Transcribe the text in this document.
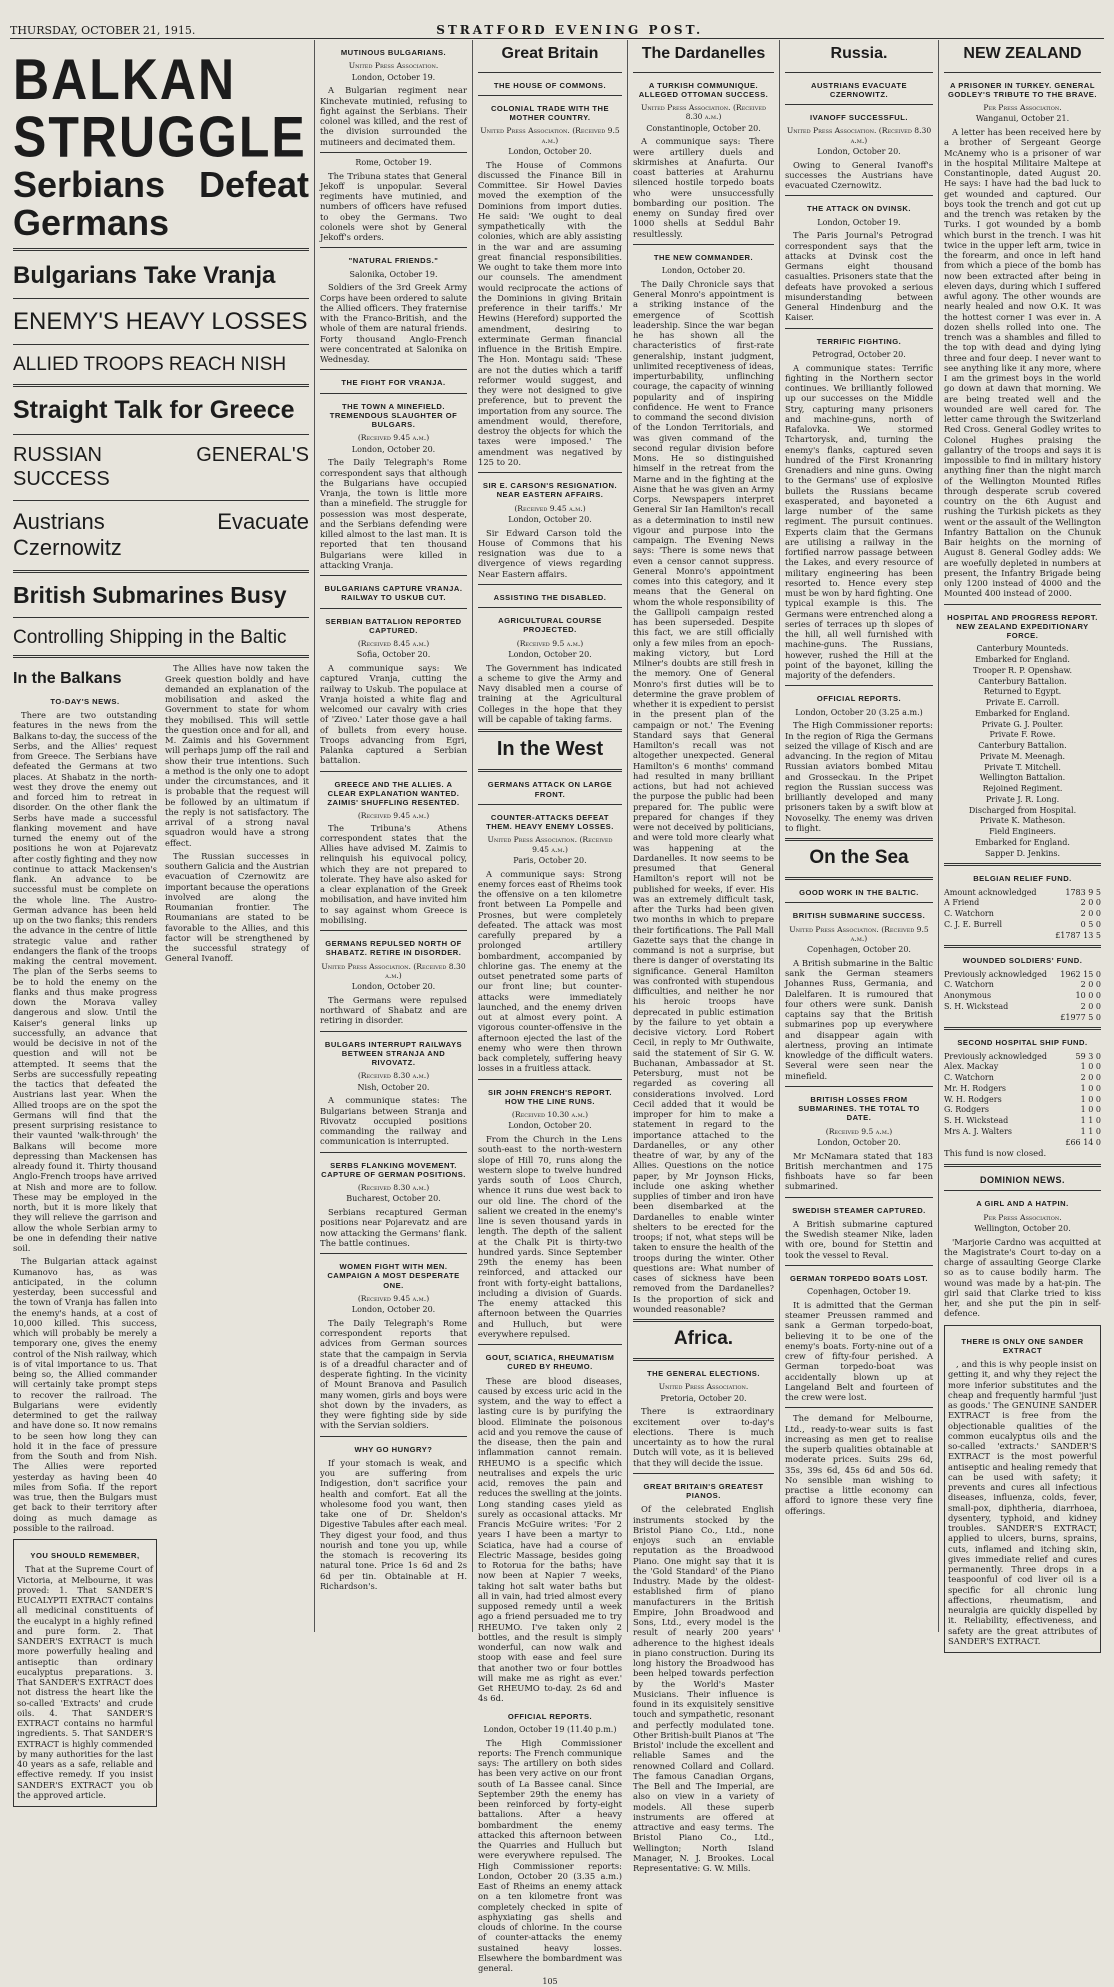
THURSDAY, OCTOBER 21, 1915.	STRATFORD EVENING POST.
BALKAN STRUGGLE
Serbians Defeat Germans
Bulgarians Take Vranja
ENEMY'S HEAVY LOSSES
ALLIED TROOPS REACH NISH
Straight Talk for Greece
RUSSIAN GENERAL'S SUCCESS
Austrians Evacuate Czernowitz
British Submarines Busy
Controlling Shipping in the Baltic
In the Balkans
TO-DAY'S NEWS.

There are two outstanding features in the news from the Balkans to-day, the success of the Serbs, and the Allies' request from Greece. The Serbians have defeated the Germans at two places. At Shabatz in the north-west they drove the enemy out and forced him to retreat in disorder. On the other flank the Serbs have made a successful flanking movement and have turned the enemy out of the positions he won at Pojarevatz after costly fighting and they now continue to attack Mackensen's flank. An advance to be successful must be complete on the whole line. The Austro-German advance has been held up on the two flanks; this renders the advance in the centre of little strategic value and rather endangers the flank of the troops making the central movement. The plan of the Serbs seems to be to hold the enemy on the flanks and thus make progress down the Morava valley dangerous and slow. Until the Kaiser's general links up successfully, an advance that would be decisive in not of the question and will not be attempted. It seems that the Serbs are successfully repeating the tactics that defeated the Austrians last year. When the Allied troops are on the spot the Germans will find that the present surprising resistance to their vaunted 'walk-through' the Balkans will become more depressing than Mackensen has already found it. Thirty thousand Anglo-French troops have arrived at Nish and more are to follow. These may be employed in the north, but it is more likely that they will relieve the garrison and allow the whole Serbian army to be one in defending their native soil.

The Bulgarian attack against Kumanovo has, as was anticipated, in the column yesterday, been successful and the town of Vranja has fallen into the enemy's hands, at a cost of 10,000 killed. This success, which will probably be merely a temporary one, gives the enemy control of the Nish railway, which is of vital importance to us. That being so, the Allied commander will certainly take prompt steps to recover the railroad. The Bulgarians were evidently determined to get the railway and have done so. It now remains to be seen how long they can hold it in the face of pressure from the South and from Nish. The Allies were reported yesterday as having been 40 miles from Sofia. If the report was true, then the Bulgars must get back to their territory after doing as much damage as possible to the railroad.

YOU SHOULD REMEMBER,

That at the Supreme Court of Victoria, at Melbourne, it was proved: 1. That SANDER'S EUCALYPTI EXTRACT contains all medicinal constituents of the eucalypt in a highly refined and pure form. 2. That SANDER'S EXTRACT is much more powerfully healing and antiseptic than ordinary eucalyptus preparations. 3. That SANDER'S EXTRACT does not distress the heart like the so-called 'Extracts' and crude oils. 4. That SANDER'S EXTRACT contains no harmful ingredients. 5. That SANDER'S EXTRACT is highly commended by many authorities for the last 40 years as a safe, reliable and effective remedy. If you insist SANDER'S EXTRACT you ob the approved article.

The Allies have now taken the Greek question boldly and have demanded an explanation of the mobilisation and asked the Government to state for whom they mobilised. This will settle the question once and for all, and M. Zaimis and his Government will perhaps jump off the rail and show their true intentions. Such a method is the only one to adopt under the circumstances, and it is probable that the request will be followed by an ultimatum if the reply is not satisfactory. The arrival of a strong naval squadron would have a strong effect.

The Russian successes in southern Galicia and the Austrian evacuation of Czernowitz are important because the operations involved are along the Roumanian frontier. The Roumanians are stated to be favorable to the Allies, and this factor will be strengthened by the successful strategy of General Ivanoff.

MUTINOUS BULGARIANS.
United Press Association.
London, October 19.

A Bulgarian regiment near Kinchevate mutinied, refusing to fight against the Serbians. Their colonel was killed, and the rest of the division surrounded the mutineers and decimated them.

Rome, October 19.

The Tribuna states that General Jekoff is unpopular. Several regiments have mutinied, and numbers of officers have refused to obey the Germans. Two colonels were shot by General Jekoff's orders.

"NATURAL FRIENDS."
Salonika, October 19.

Soldiers of the 3rd Greek Army Corps have been ordered to salute the Allied officers. They fraternise with the Franco-British, and the whole of them are natural friends. Forty thousand Anglo-French were concentrated at Salonika on Wednesday.

THE FIGHT FOR VRANJA.
THE TOWN A MINEFIELD. TREMENDOUS SLAUGHTER OF BULGARS.
(Received 9.45 a.m.)
London, October 20.

The Daily Telegraph's Rome correspondent says that although the Bulgarians have occupied Vranja, the town is little more than a minefield. The struggle for possession was most desperate, and the Serbians defending were killed almost to the last man. It is reported that ten thousand Bulgarians were killed in attacking Vranja.

BULGARIANS CAPTURE VRANJA. RAILWAY TO USKUB CUT.
SERBIAN BATTALION REPORTED CAPTURED.
(Received 8.45 a.m.)
Sofia, October 20.

A communique says: We captured Vranja, cutting the railway to Uskub. The populace at Vranja hoisted a white flag and welcomed our cavalry with cries of 'Ziveo.' Later those gave a hail of bullets from every house. Troops advancing from Egri, Palanka captured a Serbian battalion.

GREECE AND THE ALLIES. A CLEAR EXPLANATION WANTED. ZAIMIS' SHUFFLING RESENTED.
(Received 9.45 a.m.)

The Tribuna's Athens correspondent states that the Allies have advised M. Zaimis to relinquish his equivocal policy, which they are not prepared to tolerate. They have also asked for a clear explanation of the Greek mobilisation, and have invited him to say against whom Greece is mobilising.

GERMANS REPULSED NORTH OF SHABATZ. RETIRE IN DISORDER.
United Press Association. (Received 8.30 a.m.)
London, October 20.

The Germans were repulsed northward of Shabatz and are retiring in disorder.

BULGARS INTERRUPT RAILWAYS BETWEEN STRANJA AND RIVOVATZ.
(Received 8.30 a.m.)
Nish, October 20.

A communique states: The Bulgarians between Stranja and Rivovatz occupied positions commanding the railway and communication is interrupted.

SERBS FLANKING MOVEMENT. CAPTURE OF GERMAN POSITIONS.
(Received 8.30 a.m.)
Bucharest, October 20.

Serbians recaptured German positions near Pojarevatz and are now attacking the Germans' flank. The battle continues.

WOMEN FIGHT WITH MEN. CAMPAIGN A MOST DESPERATE ONE.
(Received 9.45 a.m.)
London, October 20.

The Daily Telegraph's Rome correspondent reports that advices from German sources state that the campaign in Servia is of a dreadful character and of desperate fighting. In the vicinity of Mount Branova and Pasulich many women, girls and boys were shot down by the invaders, as they were fighting side by side with the Servian soldiers.

WHY GO HUNGRY?

If your stomach is weak, and you are suffering from Indigestion, don't sacrifice your health and comfort. Eat all the wholesome food you want, then take one of Dr. Sheldon's Digestive Tabules after each meal. They digest your food, and thus nourish and tone you up, while the stomach is recovering its natural tone. Price 1s 6d and 2s 6d per tin. Obtainable at H. Richardson's.

Great Britain
THE HOUSE OF COMMONS.
COLONIAL TRADE WITH THE MOTHER COUNTRY.
United Press Association. (Received 9.5 a.m.)
London, October 20.

The House of Commons discussed the Finance Bill in Committee. Sir Howel Davies moved the exemption of the Dominions from import duties. He said: 'We ought to deal sympathetically with the colonies, which are ably assisting in the war and are assuming great financial responsibilities. We ought to take them more into our counsels. The amendment would reciprocate the actions of the Dominions in giving Britain preference in their tariffs.' Mr Hewins (Hereford) supported the amendment, desiring to exterminate German financial influence in the British Empire. The Hon. Montagu said: 'These are not the duties which a tariff reformer would suggest, and they were not designed to give preference, but to prevent the importation from any source. The amendment would, therefore, destroy the objects for which the taxes were imposed.' The amendment was negatived by 125 to 20.

SIR E. CARSON'S RESIGNATION. NEAR EASTERN AFFAIRS.
(Received 9.45 a.m.)
London, October 20.

Sir Edward Carson told the House of Commons that his resignation was due to a divergence of views regarding Near Eastern affairs.

ASSISTING THE DISABLED.
AGRICULTURAL COURSE PROJECTED.
(Received 9.5 a.m.)
London, October 20.

The Government has indicated a scheme to give the Army and Navy disabled men a course of training at the Agricultural Colleges in the hope that they will be capable of taking farms.

In the West
GERMANS ATTACK ON LARGE FRONT.
COUNTER-ATTACKS DEFEAT THEM. HEAVY ENEMY LOSSES.
United Press Association. (Received 9.45 a.m.)
Paris, October 20.

A communique says: Strong enemy forces east of Rheims took the offensive on a ten kilometre front between La Pompelle and Prosnes, but were completely defeated. The attack was most carefully prepared by a prolonged artillery bombardment, accompanied by chlorine gas. The enemy at the outset penetrated some parts of our front line; but counter-attacks were immediately launched, and the enemy driven out at almost every point. A vigorous counter-offensive in the afternoon ejected the last of the enemy who were then thrown back completely, suffering heavy losses in a fruitless attack.

SIR JOHN FRENCH'S REPORT. HOW THE LINE RUNS.
(Received 10.30 a.m.)
London, October 20.

From the Church in the Lens south-east to the north-western slope of Hill 70, runs along the western slope to twelve hundred yards south of Loos Church, whence it runs due west back to our old line. The chord of the salient we created in the enemy's line is seven thousand yards in length. The depth of the salient at the Chalk Pit is thirty-two hundred yards. Since September 29th the enemy has been reinforced, and attacked our front with forty-eight battalions, including a division of Guards. The enemy attacked this afternoon between the Quarries and Hulluch, but were everywhere repulsed.

GOUT, SCIATICA, RHEUMATISM CURED BY RHEUMO.

These are blood diseases, caused by excess uric acid in the system, and the way to effect a lasting cure is by purifying the blood. Eliminate the poisonous acid and you remove the cause of the disease, then the pain and inflammation cannot remain. RHEUMO is a specific which neutralises and expels the uric acid, removes the pain and reduces the swelling at the joints. Long standing cases yield as surely as occasional attacks. Mr Francis McGuire writes: 'For 2 years I have been a martyr to Sciatica, have had a course of Electric Massage, besides going to Rotorua for the baths; have now been at Napier 7 weeks, taking hot salt water baths but all in vain, had tried almost every supposed remedy until a week ago a friend persuaded me to try RHEUMO. I've taken only 2 bottles, and the result is simply wonderful, can now walk and stoop with ease and feel sure that another two or four bottles will make me as right as ever.' Get RHEUMO to-day. 2s 6d and 4s 6d.

OFFICIAL REPORTS.
London, October 19 (11.40 p.m.)

The High Commissioner reports: The French communique says: The artillery on both sides has been very active on our front south of La Bassee canal. Since September 29th the enemy has been reinforced by forty-eight battalions. After a heavy bombardment the enemy attacked this afternoon between the Quarries and Hulluch but were everywhere repulsed. The High Commissioner reports: London, October 20 (3.35 a.m.) East of Rheims an enemy attack on a ten kilometre front was completely checked in spite of asphyxiating gas shells and clouds of chlorine. In the course of counter-attacks the enemy sustained heavy losses. Elsewhere the bombardment was general.

105
The Dardanelles
A TURKISH COMMUNIQUE. ALLEGED OTTOMAN SUCCESS.
United Press Association. (Received 8.30 a.m.)
Constantinople, October 20.

A communique says: There were artillery duels and skirmishes at Anafurta. Our coast batteries at Arahurnu silenced hostile torpedo boats who were unsuccessfully bombarding our position. The enemy on Sunday fired over 1000 shells at Seddul Bahr resultlessly.

THE NEW COMMANDER.
London, October 20.

The Daily Chronicle says that General Monro's appointment is a striking instance of the emergence of Scottish leadership. Since the war began he has shown all the characteristics of first-rate generalship, instant judgment, unlimited receptiveness of ideas, imperturbability, unflinching courage, the capacity of winning popularity and of inspiring confidence. He went to France to command the second division of the London Territorials, and was given command of the second regular division before Mons. He so distinguished himself in the retreat from the Marne and in the fighting at the Aisne that he was given an Army Corps. Newspapers interpret General Sir Ian Hamilton's recall as a determination to instil new vigour and purpose into the campaign. The Evening News says: 'There is some news that even a censor cannot suppress. General Monro's appointment comes into this category, and it means that the General on whom the whole responsibility of the Gallipoli campaign rested has been superseded. Despite this fact, we are still officially only a few miles from an epoch-making victory, but Lord Milner's doubts are still fresh in the memory. One of General Monro's first duties will be to determine the grave problem of whether it is expedient to persist in the present plan of the campaign or not.' The Evening Standard says that General Hamilton's recall was not altogether unexpected. General Hamilton's 6 months' command had resulted in many brilliant actions, but had not achieved the purpose the public had been prepared for. The public were prepared for changes if they were not deceived by politicians, and were told more clearly what was happening at the Dardanelles. It now seems to be presumed that General Hamilton's report will not be published for weeks, if ever. His was an extremely difficult task, after the Turks had been given two months in which to prepare their fortifications. The Pall Mall Gazette says that the change in command is not a surprise, but there is danger of overstating its significance. General Hamilton was confronted with stupendous difficulties, and neither he nor his heroic troops have deprecated in public estimation by the failure to yet obtain a decisive victory. Lord Robert Cecil, in reply to Mr Outhwaite, said the statement of Sir G. W. Buchanan, Ambassador at St. Petersburg, must not be regarded as covering all considerations involved. Lord Cecil added that it would be improper for him to make a statement in regard to the importance attached to the Dardanelles, or any other theatre of war, by any of the Allies. Questions on the notice paper, by Mr Joynson Hicks, include one asking whether supplies of timber and iron have been disembarked at the Dardanelles to enable winter shelters to be erected for the troops; if not, what steps will be taken to ensure the health of the troops during the winter. Other questions are: What number of cases of sickness have been removed from the Dardanelles? Is the proportion of sick and wounded reasonable?

Africa.
THE GENERAL ELECTIONS.
United Press Association.
Pretoria, October 20.

There is extraordinary excitement over to-day's elections. There is much uncertainty as to how the rural Dutch will vote, as it is believed that they will decide the issue.

GREAT BRITAIN'S GREATEST PIANOS.

Of the celebrated English instruments stocked by the Bristol Piano Co., Ltd., none enjoys such an enviable reputation as the Broadwood Piano. One might say that it is the 'Gold Standard' of the Piano Industry. Made by the oldest-established firm of piano manufacturers in the British Empire, John Broadwood and Sons, Ltd., every model is the result of nearly 200 years' adherence to the highest ideals in piano construction. During its long history the Broadwood has been helped towards perfection by the World's Master Musicians. Their influence is found in its exquisitely sensitive touch and sympathetic, resonant and perfectly modulated tone. Other British-built Pianos at 'The Bristol' include the excellent and reliable Sames and the renowned Collard and Collard. The famous Canadian Organs, The Bell and The Imperial, are also on view in a variety of models. All these superb instruments are offered at attractive and easy terms. The Bristol Piano Co., Ltd., Wellington; North Island Manager, N. J. Brookes. Local Representative: G. W. Mills.

Russia.
AUSTRIANS EVACUATE CZERNOWITZ.
IVANOFF SUCCESSFUL.
United Press Association. (Received 8.30 a.m.)
London, October 20.

Owing to General Ivanoff's successes the Austrians have evacuated Czernowitz.

THE ATTACK ON DVINSK.
London, October 19.

The Paris Journal's Petrograd correspondent says that the attacks at Dvinsk cost the Germans eight thousand casualties. Prisoners state that the defeats have provoked a serious misunderstanding between General Hindenburg and the Kaiser.

TERRIFIC FIGHTING.
Petrograd, October 20.

A communique states: Terrific fighting in the Northern sector continues. We brilliantly followed up our successes on the Middle Stry, capturing many prisoners and machine-guns, north of Rafalovka. We stormed Tchartorysk, and, turning the enemy's flanks, captured seven hundred of the First Kronanring Grenadiers and nine guns. Owing to the Germans' use of explosive bullets the Russians became exasperated, and bayoneted a large number of the same regiment. The pursuit continues. Experts claim that the Germans are utilising a railway in the fortified narrow passage between the Lakes, and every resource of military engineering has been resorted to. Hence every step must be won by hard fighting. One typical example is this. The Germans were entrenched along a series of terraces up th slopes of the hill, all well furnished with machine-guns. The Russians, however, rushed the Hill at the point of the bayonet, killing the majority of the defenders.

OFFICIAL REPORTS.
London, October 20 (3.25 a.m.)

The High Commissioner reports: In the region of Riga the Germans seized the village of Kisch and are advancing. In the region of Mitau Russian aviators bombed Mitau and Grosseckau. In the Pripet region the Russian success was brilliantly developed and many prisoners taken by a swift blow at Novoselky. The enemy was driven to flight.

On the Sea
GOOD WORK IN THE BALTIC.
BRITISH SUBMARINE SUCCESS.
United Press Association. (Received 9.5 a.m.)
Copenhagen, October 20.

A British submarine in the Baltic sank the German steamers Johannes Russ, Germania, and Dalelfaren. It is rumoured that four others were sunk. Danish captains say that the British submarines pop up everywhere and disappear again with alertness, proving an intimate knowledge of the difficult waters. Several were seen near the minefield.

BRITISH LOSSES FROM SUBMARINES. THE TOTAL TO DATE.
(Received 9.5 a.m.)
London, October 20.

Mr McNamara stated that 183 British merchantmen and 175 fishboats have so far been submarined.

SWEDISH STEAMER CAPTURED.

A British submarine captured the Swedish steamer Nike, laden with ore, bound for Stettin and took the vessel to Reval.

GERMAN TORPEDO BOATS LOST.
Copenhagen, October 19.

It is admitted that the German steamer Preussen rammed and sank a German torpedo-boat, believing it to be one of the enemy's boats. Forty-nine out of a crew of fifty-four perished. A German torpedo-boat was accidentally blown up at Langeland Belt and fourteen of the crew were lost.

The demand for Melbourne, Ltd., ready-to-wear suits is fast increasing as men get to realise the superb qualities obtainable at moderate prices. Suits 29s 6d, 35s, 39s 6d, 45s 6d and 50s 6d. No sensible man wishing to practise a little economy can afford to ignore these very fine offerings.

NEW ZEALAND
A PRISONER IN TURKEY. GENERAL GODLEY'S TRIBUTE TO THE BRAVE.
Per Press Association.
Wanganui, October 21.

A letter has been received here by a brother of Sergeant George McAnemy who is a prisoner of war in the hospital Militaire Maltepe at Constantinople, dated August 20. He says: I have had the bad luck to get wounded and captured. Our boys took the trench and got cut up and the trench was retaken by the Turks. I got wounded by a bomb which burst in the trench. I was hit twice in the upper left arm, twice in the forearm, and once in left hand from which a piece of the bomb has now been extracted after being in eleven days, during which I suffered awful agony. The other wounds are nearly healed and now O.K. It was the hottest corner I was ever in. A dozen shells rolled into one. The trench was a shambles and filled to the top with dead and dying lying three and four deep. I never want to see anything like it any more, where I am the grimest boys in the world go down at dawn that morning. We are being treated well and the wounded are well cared for. The letter came through the Switzerland Red Cross. General Godley writes to Colonel Hughes praising the gallantry of the troops and says it is impossible to find in military history anything finer than the night march of the Wellington Mounted Rifles through desperate scrub covered country on the 6th August and rushing the Turkish pickets as they went or the assault of the Wellington Infantry Battalion on the Chunuk Bair heights on the morning of August 8. General Godley adds: We are woefully depleted in numbers at present, the Infantry Brigade being only 1200 instead of 4000 and the Mounted 400 instead of 2000.

HOSPITAL AND PROGRESS REPORT. NEW ZEALAND EXPEDITIONARY FORCE.
Canterbury Mounteds.
Embarked for England.
Trooper R. P. Openshaw.
Canterbury Battalion.
Returned to Egypt.
Private E. Carroll.
Embarked for England.
Private G. J. Poulter.
Private F. Rowe.
Canterbury Battalion.
Private M. Meenagh.
Private T. Mitchell.
Wellington Battalion.
Rejoined Regiment.
Private J. R. Long.
Discharged from Hospital.
Private K. Matheson.
Field Engineers.
Embarked for England.
Sapper D. Jenkins.
BELGIAN RELIEF FUND.
Amount acknowledged	1783 9 5
A Friend	2 0 0
C. Watchorn	2 0 0
C. J. E. Burrell	0 5 0
£1787 13 5
WOUNDED SOLDIERS' FUND.
Previously acknowledged 1962 15 0
C. Watchorn	2 0 0
Anonymous	10 0 0
S. H. Wickstead	2 0 0
£1977 5 0
SECOND HOSPITAL SHIP FUND.
Previously acknowledged	59 3 0
Alex. Mackay	1 0 0
C. Watchorn	2 0 0
Mr. H. Rodgers	1 0 0
W. H. Rodgers	1 0 0
G. Rodgers	1 0 0
S. H. Wickstead	1 1 0
Mrs A. J. Walters	1 1 0
£66 14 0

This fund is now closed.

DOMINION NEWS.
A GIRL AND A HATPIN.
Per Press Association.
Wellington, October 20.

'Marjorie Cardno was acquitted at the Magistrate's Court to-day on a charge of assaulting George Clarke so as to cause bodily harm. The wound was made by a hat-pin. The girl said that Clarke tried to kiss her, and she put the pin in self-defence.

THERE IS ONLY ONE SANDER EXTRACT

, and this is why people insist on getting it, and why they reject the more inferior substitutes and the cheap and frequently harmful 'just as goods.' The GENUINE SANDER EXTRACT is free from the objectionable qualities of the common eucalyptus oils and the so-called 'extracts.' SANDER'S EXTRACT is the most powerful antiseptic and healing remedy that can be used with safety; it prevents and cures all infectious diseases, influenza, colds, fever, small-pox, diphtheria, diarrhoea, dysentery, typhoid, and kidney troubles. SANDER'S EXTRACT, applied to ulcers, burns, sprains, cuts, inflamed and itching skin, gives immediate relief and cures permanently. Three drops in a teaspoonful of cod liver oil is a specific for all chronic lung affections, rheumatism, and neuralgia are quickly dispelled by it. Reliability, effectiveness, and safety are the great attributes of SANDER'S EXTRACT.
